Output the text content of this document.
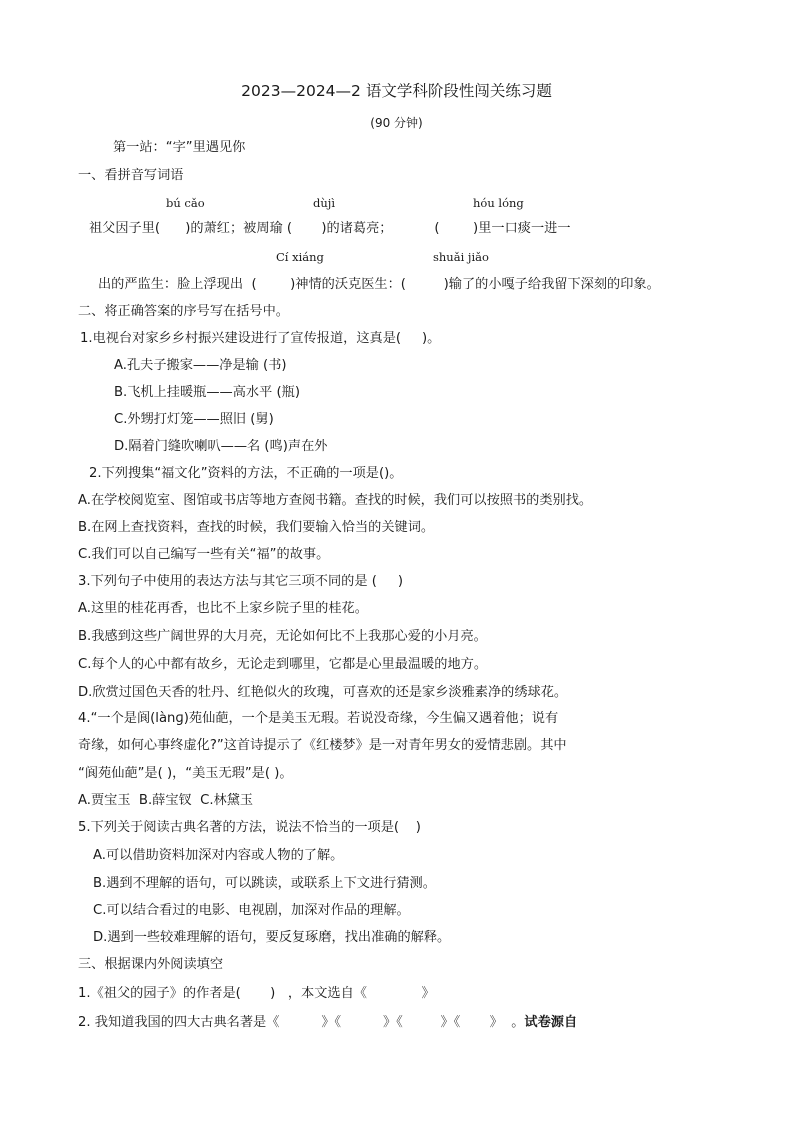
2023—2024—2 语文学科阶段性闯关练习题
(90 分钟)
第一站：“字”里遇见你
一、看拼音写词语
bú cǎo	dùjì	hóu lóng
祖父因子里(      )的萧红；被周瑜 (       )的诸葛亮；          (        )里一口痰一进一
Cí xiáng	shuǎi jiǎo
出的严监生：脸上浮现出  (        )神情的沃克医生：(         )输了的小嘎子给我留下深刻的印象。
二、将正确答案的序号写在括号中。
1.电视台对家乡乡村振兴建设进行了宣传报道，这真是(     )。
A.孔夫子搬家——净是输 (书)
B.飞机上挂暖瓶——高水平 (瓶)
C.外甥打灯笼——照旧 (舅)
D.隔着门缝吹喇叭——名 (鸣)声在外
2.下列搜集“福文化”资料的方法，不正确的一项是()。
A.在学校阅览室、图馆或书店等地方查阅书籍。查找的时候，我们可以按照书的类别找。
B.在网上查找资料，查找的时候，我们要输入恰当的关键词。
C.我们可以自己编写一些有关“福”的故事。
3.下列句子中使用的表达方法与其它三项不同的是 (     )
A.这里的桂花再香，也比不上家乡院子里的桂花。
B.我感到这些广阔世界的大月亮，无论如何比不上我那心爱的小月亮。
C.每个人的心中都有故乡，无论走到哪里，它都是心里最温暖的地方。
D.欣赏过国色天香的牡丹、红艳似火的玫瑰，可喜欢的还是家乡淡雅素净的绣球花。
4.“一个是阆(lànɡ)苑仙葩，一个是美玉无瑕。若说没奇缘，今生偏又遇着他；说有
奇缘，如何心事终虚化?”这首诗提示了《红楼梦》是一对青年男女的爱情悲剧。其中
“阆苑仙葩”是( )，“美玉无瑕”是( )。
A.贾宝玉  B.薛宝钗  C.林黛玉
5.下列关于阅读古典名著的方法，说法不恰当的一项是(    )
A.可以借助资料加深对内容或人物的了解。
B.遇到不理解的语句，可以跳读，或联系上下文进行猜测。
C.可以结合看过的电影、电视剧，加深对作品的理解。
D.遇到一些较难理解的语句，要反复琢磨，找出准确的解释。
三、根据课内外阅读填空
1.《祖父的园子》的作者是(       )   ，本文选自《             》
2. 我知道我国的四大古典名著是《          》《          》《         》《       》  。试卷源自
